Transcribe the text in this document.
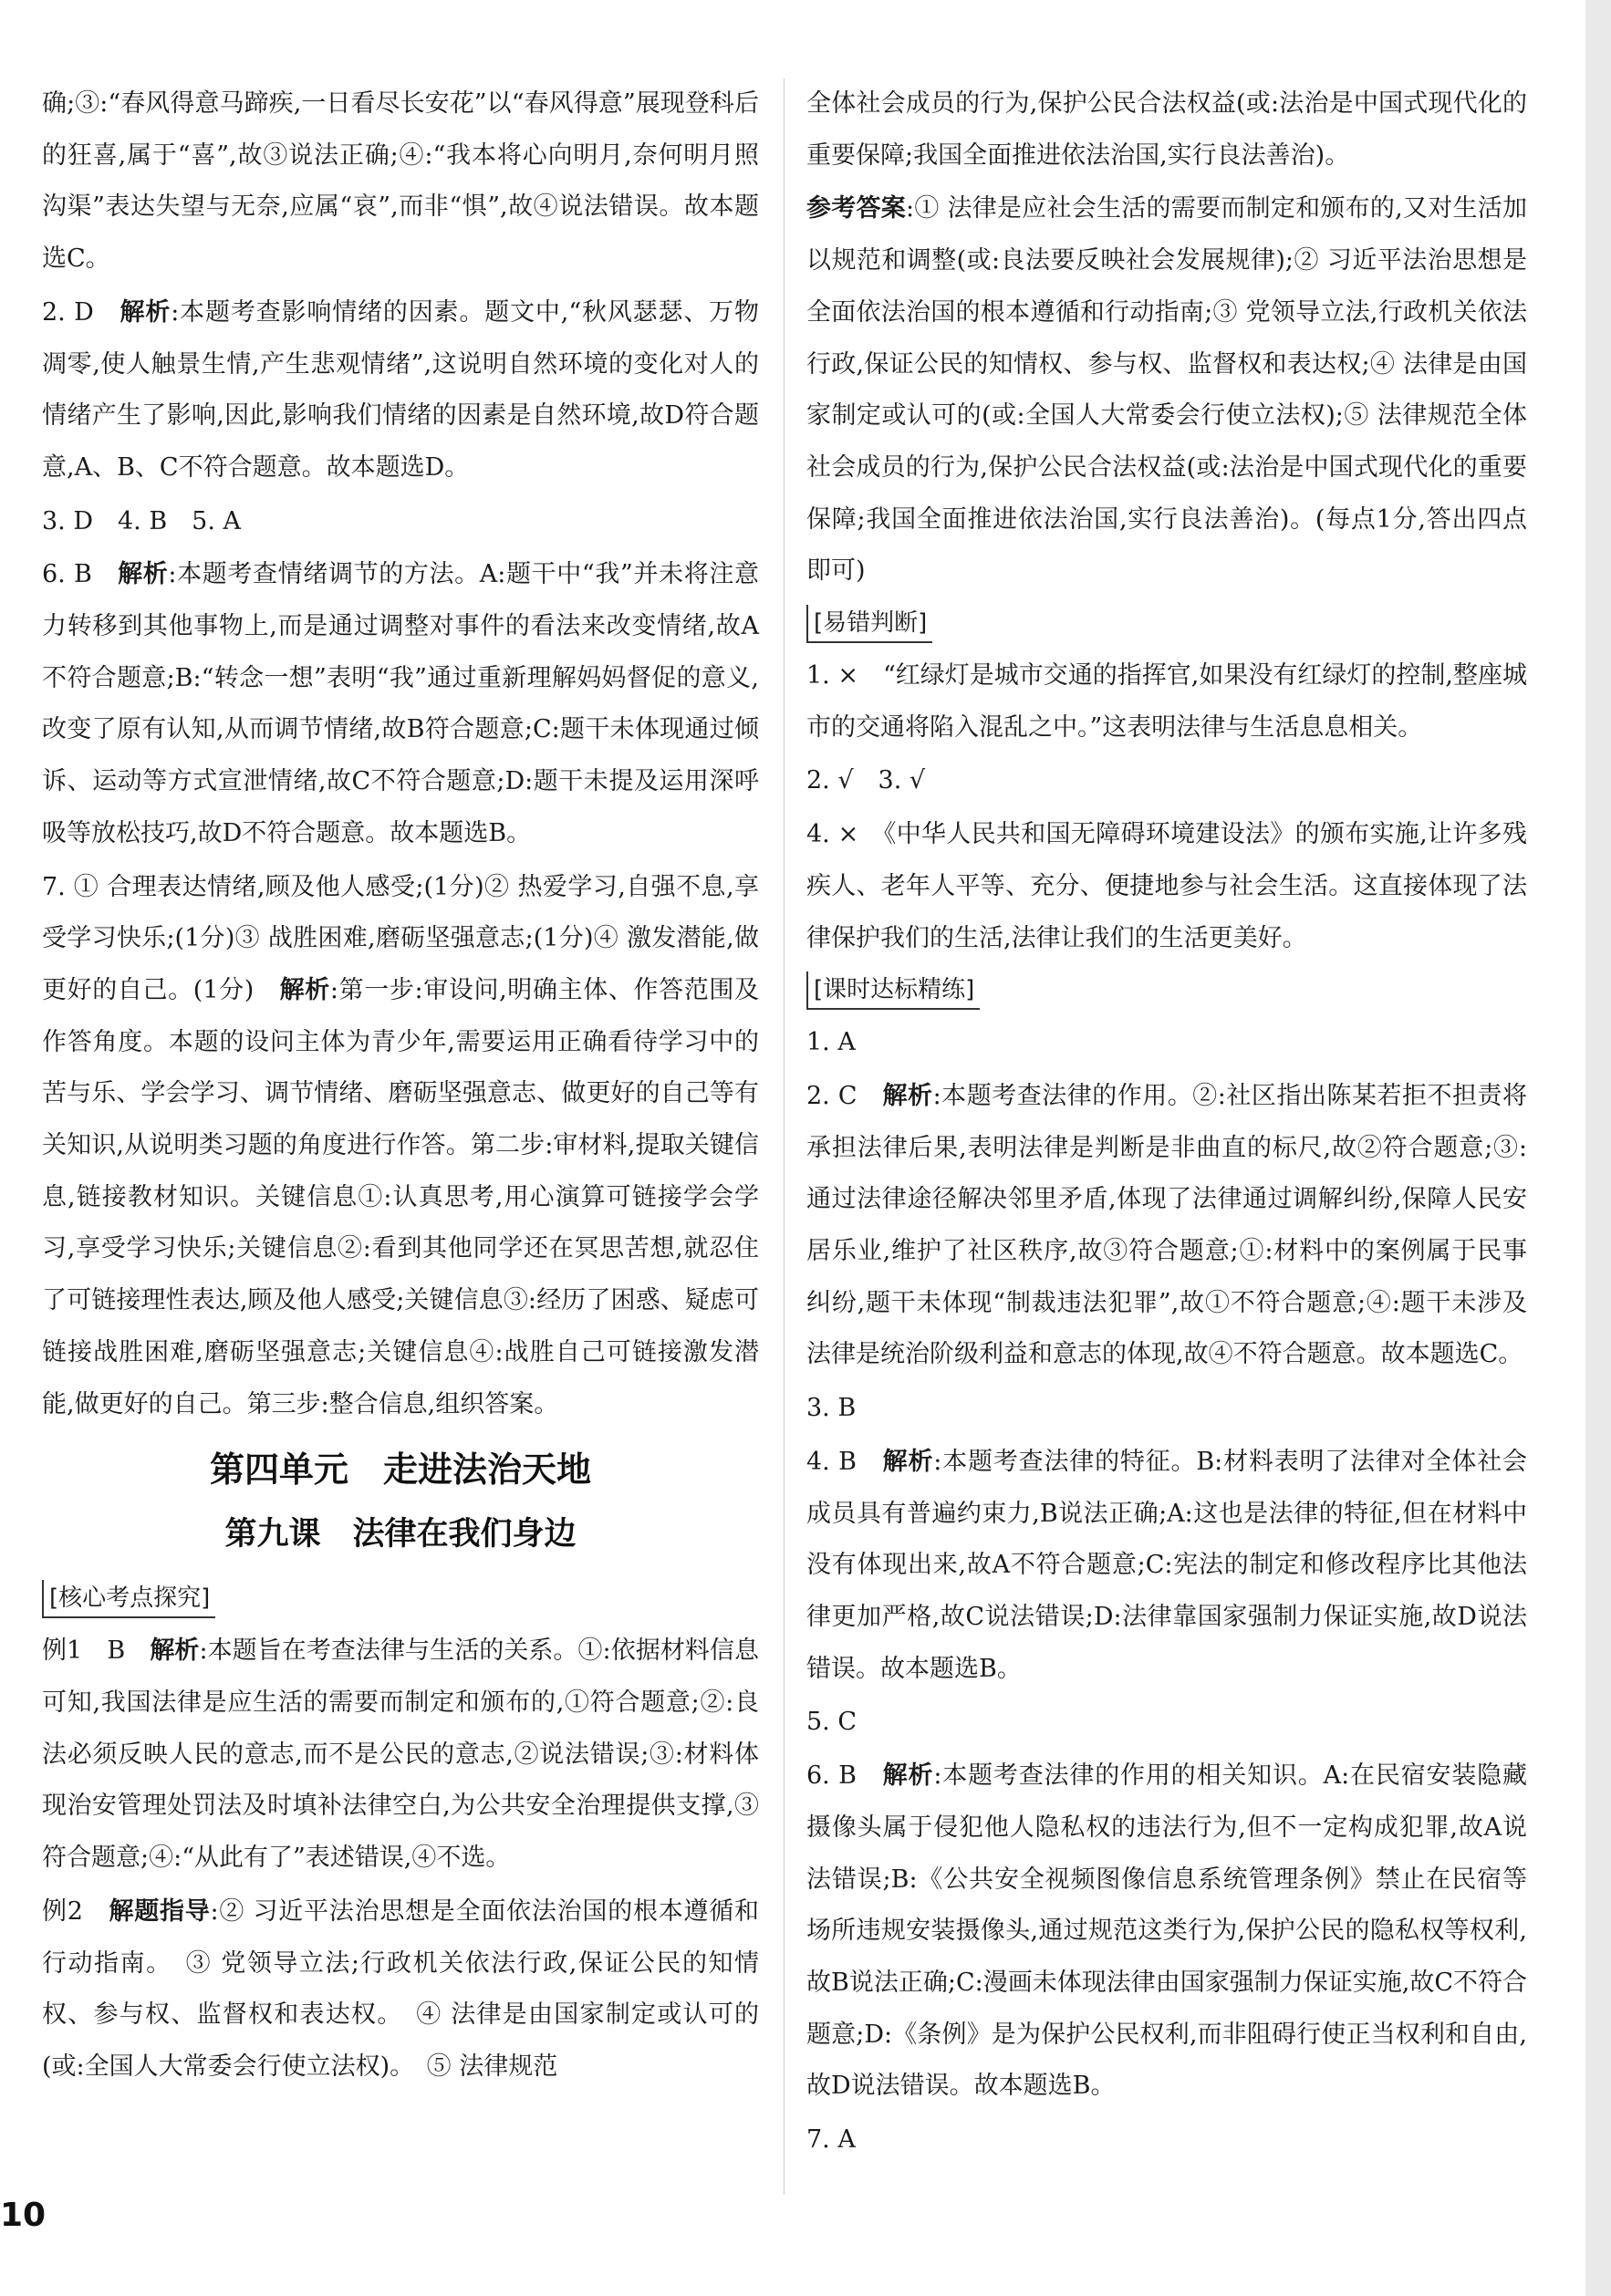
确;③:“春风得意马蹄疾,一日看尽长安花”以“春风得意”展现登科后的狂喜,属于“喜”,故③说法正确;④:“我本将心向明月,奈何明月照沟渠”表达失望与无奈,应属“哀”,而非“惧”,故④说法错误。故本题选C。

2. D　 解析:本题考查影响情绪的因素。题文中,“秋风瑟瑟、万物凋零,使人触景生情,产生悲观情绪”,这说明自然环境的变化对人的情绪产生了影响,因此,影响我们情绪的因素是自然环境,故D符合题意,A、B、C不符合题意。故本题选D。

3. D　4. B　5. A

6. B　 解析:本题考查情绪调节的方法。A:题干中“我”并未将注意力转移到其他事物上,而是通过调整对事件的看法来改变情绪,故A不符合题意;B:“转念一想”表明“我”通过重新理解妈妈督促的意义,改变了原有认知,从而调节情绪,故B符合题意;C:题干未体现通过倾诉、运动等方式宣泄情绪,故C不符合题意;D:题干未提及运用深呼吸等放松技巧,故D不符合题意。故本题选B。

7. ① 合理表达情绪,顾及他人感受;(1分)② 热爱学习,自强不息,享受学习快乐;(1分)③ 战胜困难,磨砺坚强意志;(1分)④ 激发潜能,做更好的自己。(1分)　解析:第一步:审设问,明确主体、作答范围及作答角度。本题的设问主体为青少年,需要运用正确看待学习中的苦与乐、学会学习、调节情绪、磨砺坚强意志、做更好的自己等有关知识,从说明类习题的角度进行作答。第二步:审材料,提取关键信息,链接教材知识。关键信息①:认真思考,用心演算可链接学会学习,享受学习快乐;关键信息②:看到其他同学还在冥思苦想,就忍住了可链接理性表达,顾及他人感受;关键信息③:经历了困惑、疑虑可链接战胜困难,磨砺坚强意志;关键信息④:战胜自己可链接激发潜能,做更好的自己。第三步:整合信息,组织答案。

第四单元　走进法治天地
第九课　法律在我们身边
[核心考点探究]

例1　B　 解析:本题旨在考查法律与生活的关系。①:依据材料信息可知,我国法律是应生活的需要而制定和颁布的,①符合题意;②:良法必须反映人民的意志,而不是公民的意志,②说法错误;③:材料体现治安管理处罚法及时填补法律空白,为公共安全治理提供支撑,③符合题意;④:“从此有了”表述错误,④不选。

例2　 解题指导:② 习近平法治思想是全面依法治国的根本遵循和行动指南。　③ 党领导立法;行政机关依法行政,保证公民的知情权、参与权、监督权和表达权。　④ 法律是由国家制定或认可的(或:全国人大常委会行使立法权)。　⑤ 法律规范

全体社会成员的行为,保护公民合法权益(或:法治是中国式现代化的重要保障;我国全面推进依法治国,实行良法善治)。

参考答案:① 法律是应社会生活的需要而制定和颁布的,又对生活加以规范和调整(或:良法要反映社会发展规律);② 习近平法治思想是全面依法治国的根本遵循和行动指南;③ 党领导立法,行政机关依法行政,保证公民的知情权、参与权、监督权和表达权;④ 法律是由国家制定或认可的(或:全国人大常委会行使立法权);⑤ 法律规范全体社会成员的行为,保护公民合法权益(或:法治是中国式现代化的重要保障;我国全面推进依法治国,实行良法善治)。(每点1分,答出四点即可)

[易错判断]

1. ×　“红绿灯是城市交通的指挥官,如果没有红绿灯的控制,整座城市的交通将陷入混乱之中。”这表明法律与生活息息相关。

2. √　3. √

4. ×　《中华人民共和国无障碍环境建设法》的颁布实施,让许多残疾人、老年人平等、充分、便捷地参与社会生活。这直接体现了法律保护我们的生活,法律让我们的生活更美好。

[课时达标精练]

1. A

2. C　 解析:本题考查法律的作用。②:社区指出陈某若拒不担责将承担法律后果,表明法律是判断是非曲直的标尺,故②符合题意;③:通过法律途径解决邻里矛盾,体现了法律通过调解纠纷,保障人民安居乐业,维护了社区秩序,故③符合题意;①:材料中的案例属于民事纠纷,题干未体现“制裁违法犯罪”,故①不符合题意;④:题干未涉及法律是统治阶级利益和意志的体现,故④不符合题意。故本题选C。

3. B

4. B　 解析:本题考查法律的特征。B:材料表明了法律对全体社会成员具有普遍约束力,B说法正确;A:这也是法律的特征,但在材料中没有体现出来,故A不符合题意;C:宪法的制定和修改程序比其他法律更加严格,故C说法错误;D:法律靠国家强制力保证实施,故D说法错误。故本题选B。

5. C

6. B　 解析:本题考查法律的作用的相关知识。A:在民宿安装隐藏摄像头属于侵犯他人隐私权的违法行为,但不一定构成犯罪,故A说法错误;B:《公共安全视频图像信息系统管理条例》禁止在民宿等场所违规安装摄像头,通过规范这类行为,保护公民的隐私权等权利,故B说法正确;C:漫画未体现法律由国家强制力保证实施,故C不符合题意;D:《条例》是为保护公民权利,而非阻碍行使正当权利和自由,故D说法错误。故本题选B。

7. A

10
